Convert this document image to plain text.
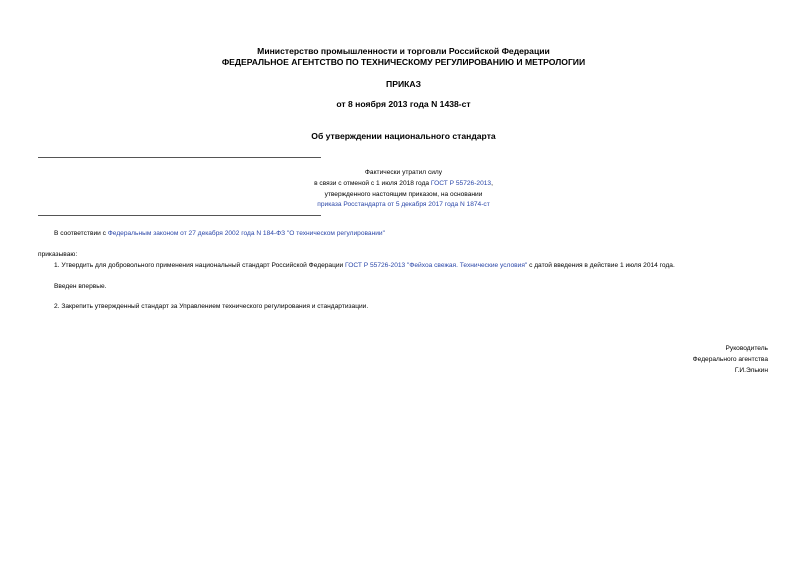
Министерство промышленности и торговли Российской Федерации
ФЕДЕРАЛЬНОЕ АГЕНТСТВО ПО ТЕХНИЧЕСКОМУ РЕГУЛИРОВАНИЮ И МЕТРОЛОГИИ
ПРИКАЗ
от 8 ноября 2013 года N 1438-ст
Об утверждении национального стандарта
Фактически утратил силу
в связи с отменой с 1 июля 2018 года ГОСТ Р 55726-2013,
утвержденного настоящим приказом, на основании
приказа Росстандарта от 5 декабря 2017 года N 1874-ст
В соответствии с Федеральным законом от 27 декабря 2002 года N 184-ФЗ "О техническом регулировании"
приказываю:
1. Утвердить для добровольного применения национальный стандарт Российской Федерации ГОСТ Р 55726-2013 "Фейхоа свежая. Технические условия" с датой введения в действие 1 июля 2014 года.
Введен впервые.
2. Закрепить утвержденный стандарт за Управлением технического регулирования и стандартизации.
Руководитель
Федерального агентства
Г.И.Элькин
